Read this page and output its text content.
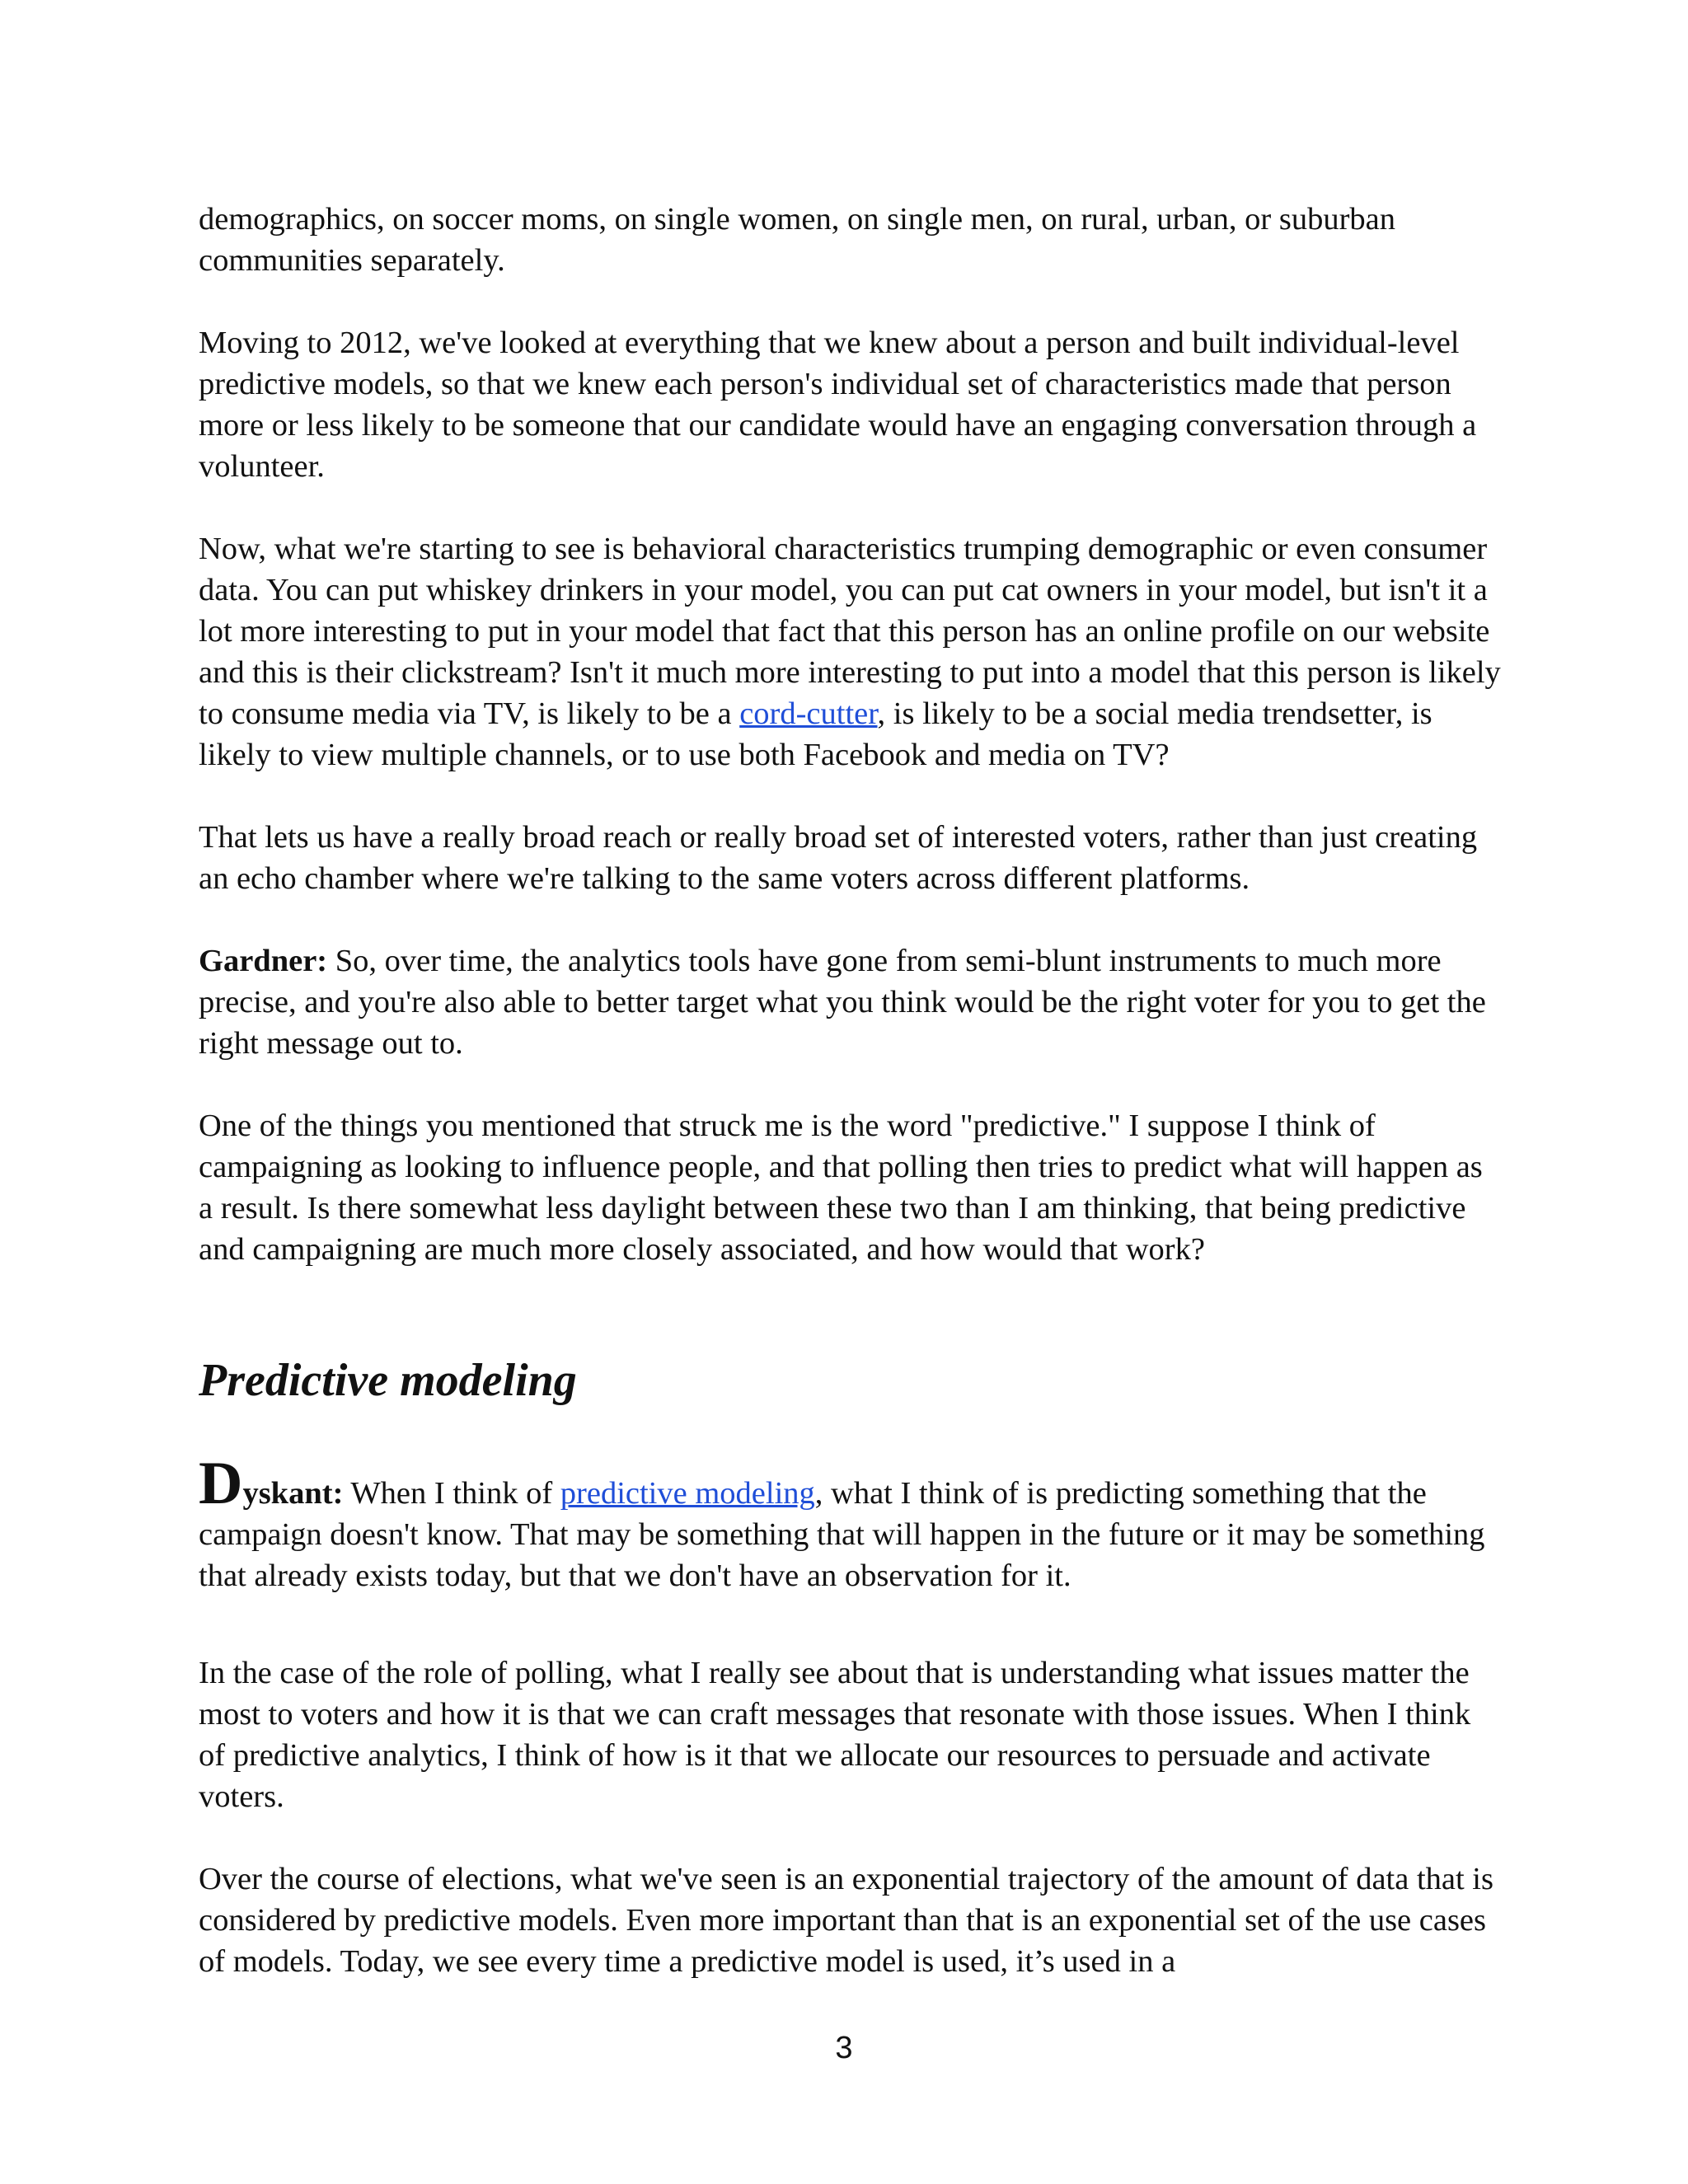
demographics, on soccer moms, on single women, on single men, on rural, urban, or suburban communities separately.

Moving to 2012, we've looked at everything that we knew about a person and built individual-level predictive models, so that we knew each person's individual set of characteristics made that person more or less likely to be someone that our candidate would have an engaging conversation through a volunteer.

Now, what we're starting to see is behavioral characteristics trumping demographic or even consumer data. You can put whiskey drinkers in your model, you can put cat owners in your model, but isn't it a lot more interesting to put in your model that fact that this person has an online profile on our website and this is their clickstream? Isn't it much more interesting to put into a model that this person is likely to consume media via TV, is likely to be a cord-cutter, is likely to be a social media trendsetter, is likely to view multiple channels, or to use both Facebook and media on TV?

That lets us have a really broad reach or really broad set of interested voters, rather than just creating an echo chamber where we're talking to the same voters across different platforms.

Gardner: So, over time, the analytics tools have gone from semi-blunt instruments to much more precise, and you're also able to better target what you think would be the right voter for you to get the right message out to.

One of the things you mentioned that struck me is the word "predictive." I suppose I think of campaigning as looking to influence people, and that polling then tries to predict what will happen as a result. Is there somewhat less daylight between these two than I am thinking, that being predictive and campaigning are much more closely associated, and how would that work?

Predictive modeling

Dyskant: When I think of predictive modeling, what I think of is predicting something that the campaign doesn't know. That may be something that will happen in the future or it may be something that already exists today, but that we don't have an observation for it.

In the case of the role of polling, what I really see about that is understanding what issues matter the most to voters and how it is that we can craft messages that resonate with those issues. When I think of predictive analytics, I think of how is it that we allocate our resources to persuade and activate voters.

Over the course of elections, what we've seen is an exponential trajectory of the amount of data that is considered by predictive models. Even more important than that is an exponential set of the use cases of models. Today, we see every time a predictive model is used, it’s used in a

3
